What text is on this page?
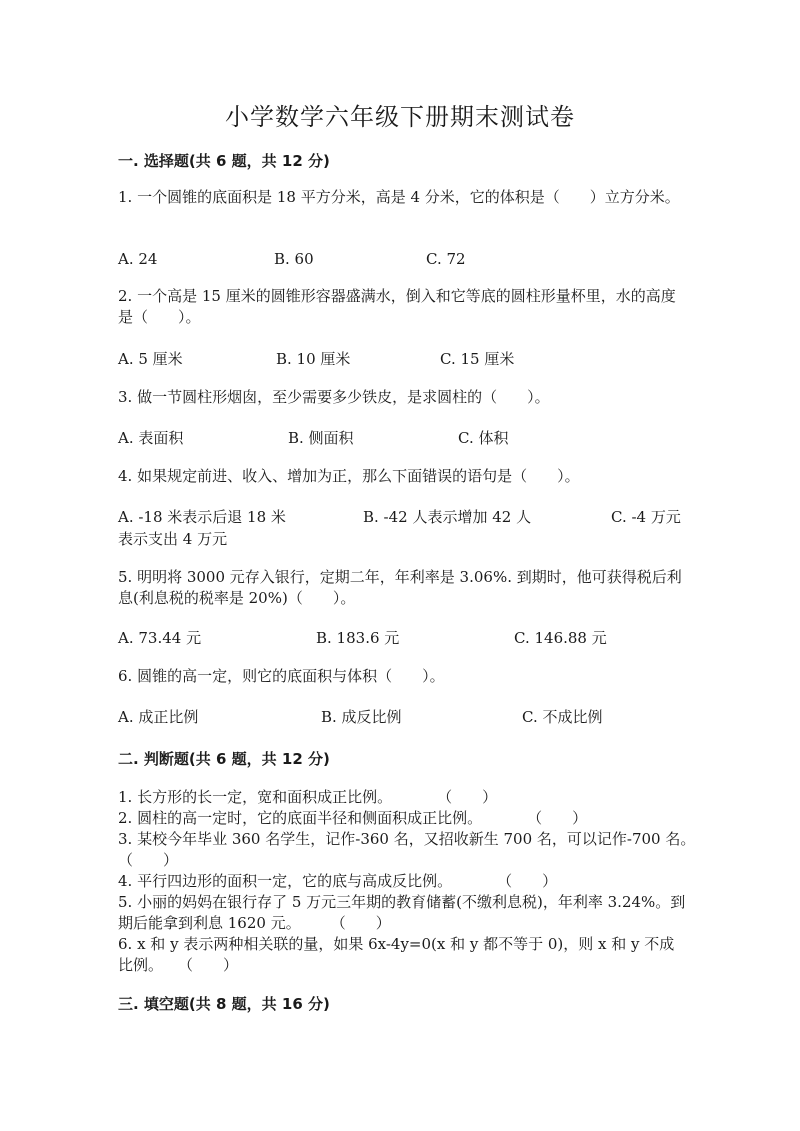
小学数学六年级下册期末测试卷
一. 选择题(共 6 题，共 12 分)

1. 一个圆锥的底面积是 18 平方分米，高是 4 分米，它的体积是（　　）立方分米。

A. 24	B. 60	C. 72

2. 一个高是 15 厘米的圆锥形容器盛满水，倒入和它等底的圆柱形量杯里，水的高度是（　　）。

A. 5 厘米	B. 10 厘米	C. 15 厘米

3. 做一节圆柱形烟囱，至少需要多少铁皮，是求圆柱的（　　）。

A. 表面积	B. 侧面积	C. 体积

4. 如果规定前进、收入、增加为正，那么下面错误的语句是（　　）。

A. -18 米表示后退 18 米	B. -42 人表示增加 42 人	C. -4 万元表示支出 4 万元

5. 明明将 3000 元存入银行，定期二年，年利率是 3.06%. 到期时，他可获得税后利息(利息税的税率是 20%)（　　）。

A. 73.44 元	B. 183.6 元	C. 146.88 元

6. 圆锥的高一定，则它的底面积与体积（　　）。

A. 成正比例	B. 成反比例	C. 不成比例
二. 判断题(共 6 题，共 12 分)
1. 长方形的长一定，宽和面积成正比例。　　　　（　　）
2. 圆柱的高一定时，它的底面半径和侧面积成正比例。　　　　（　　）
3. 某校今年毕业 360 名学生，记作-360 名，又招收新生 700 名，可以记作-700 名。　　　（　　）
4. 平行四边形的面积一定，它的底与高成反比例。　　　　（　　）
5. 小丽的妈妈在银行存了 5 万元三年期的教育储蓄(不缴利息税)，年利率 3.24%。到期后能拿到利息 1620 元。　　　（　　）
6. x 和 y 表示两种相关联的量，如果 6x-4y=0(x 和 y 都不等于 0)，则 x 和 y 不成比例。　　（　　）
三. 填空题(共 8 题，共 16 分)
